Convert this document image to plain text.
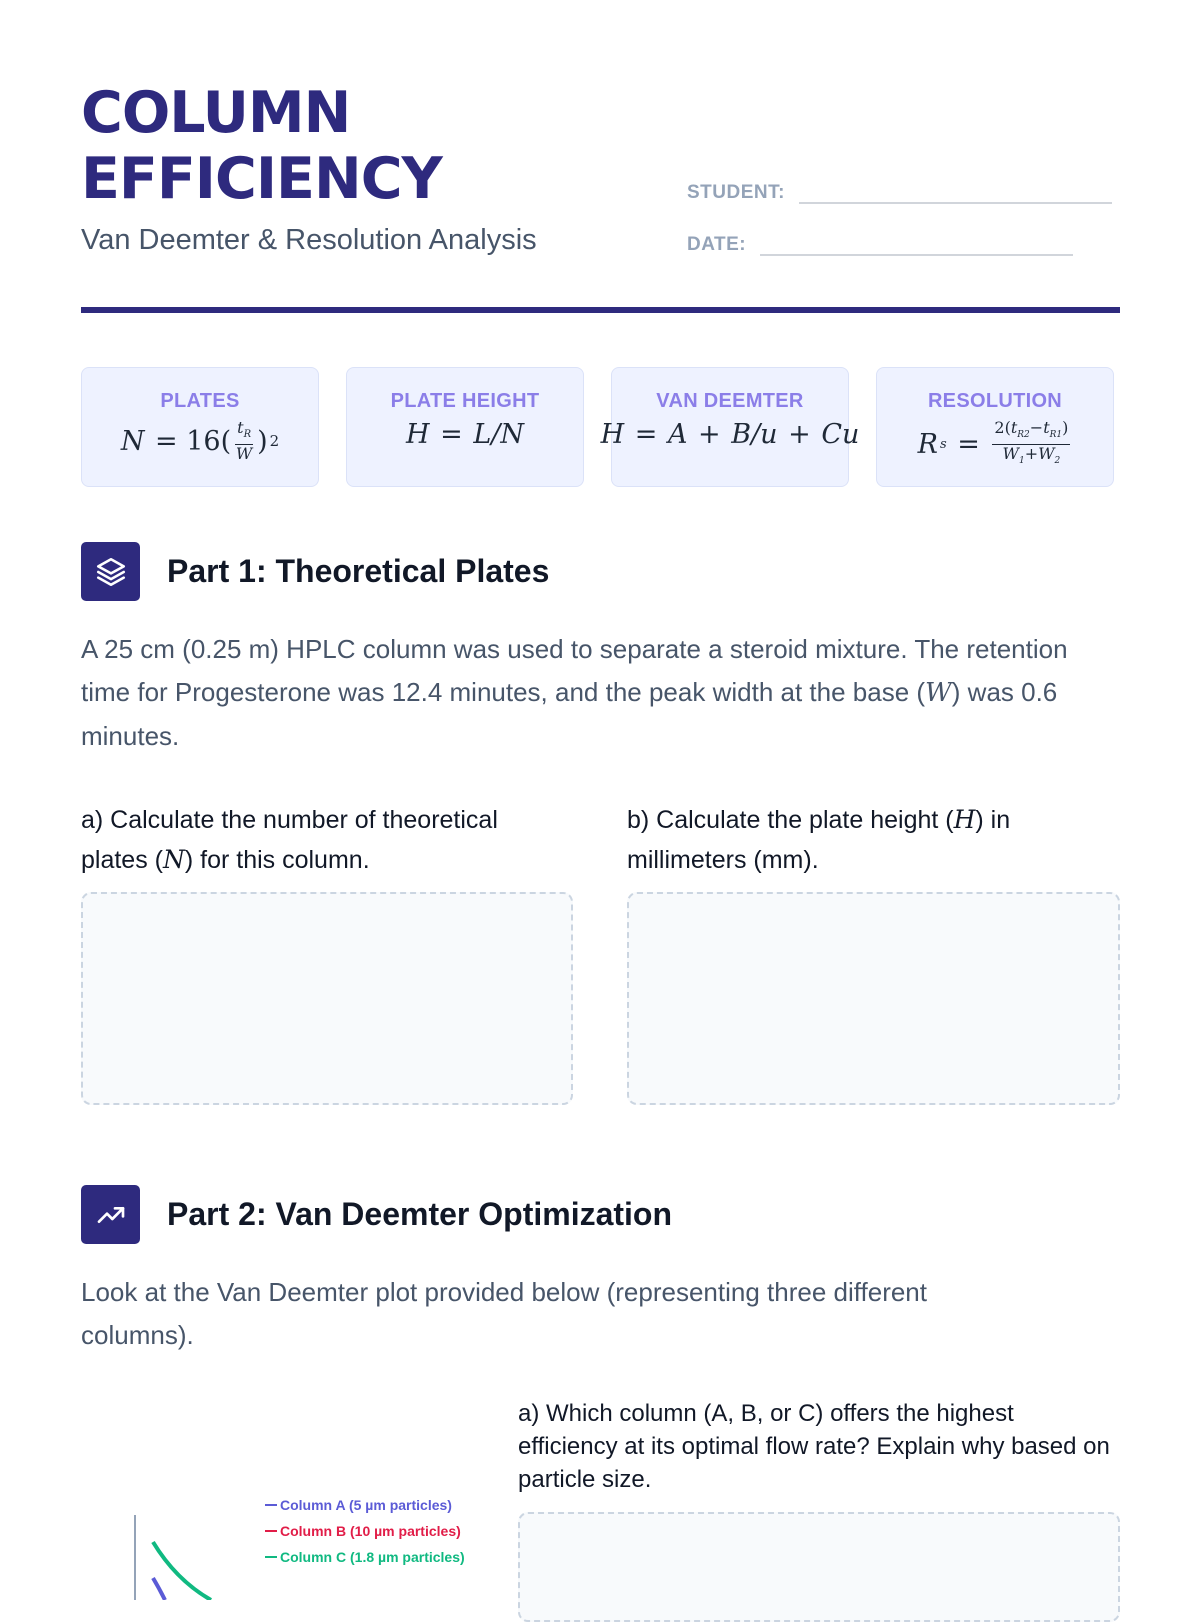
COLUMN
EFFICIENCY
Van Deemter & Resolution Analysis
STUDENT:
DATE:
PLATES
$N = 16( \frac{t_R}{W}$ ) 2
PLATE HEIGHT
H = L/N
VAN DEEMTER
H = A + B/u + Cu
RESOLUTION
R $s = \frac{2(t_{R2}-t_{R1})}{W_1+W_2}$
Part 1: Theoretical Plates

A 25 cm (0.25 m) HPLC column was used to separate a steroid mixture. The retention time for Progesterone was 12.4 minutes, and the peak width at the base (W) was 0.6 minutes.

a) Calculate the number of theoretical plates (N) for this column.
b) Calculate the plate height (H) in millimeters (mm).
Part 2: Van Deemter Optimization

Look at the Van Deemter plot provided below (representing three different columns).

a) Which column (A, B, or C) offers the highest efficiency at its optimal flow rate? Explain why based on particle size.
Column A (5 µm particles)
Column B (10 µm particles)
Column C (1.8 µm particles)
